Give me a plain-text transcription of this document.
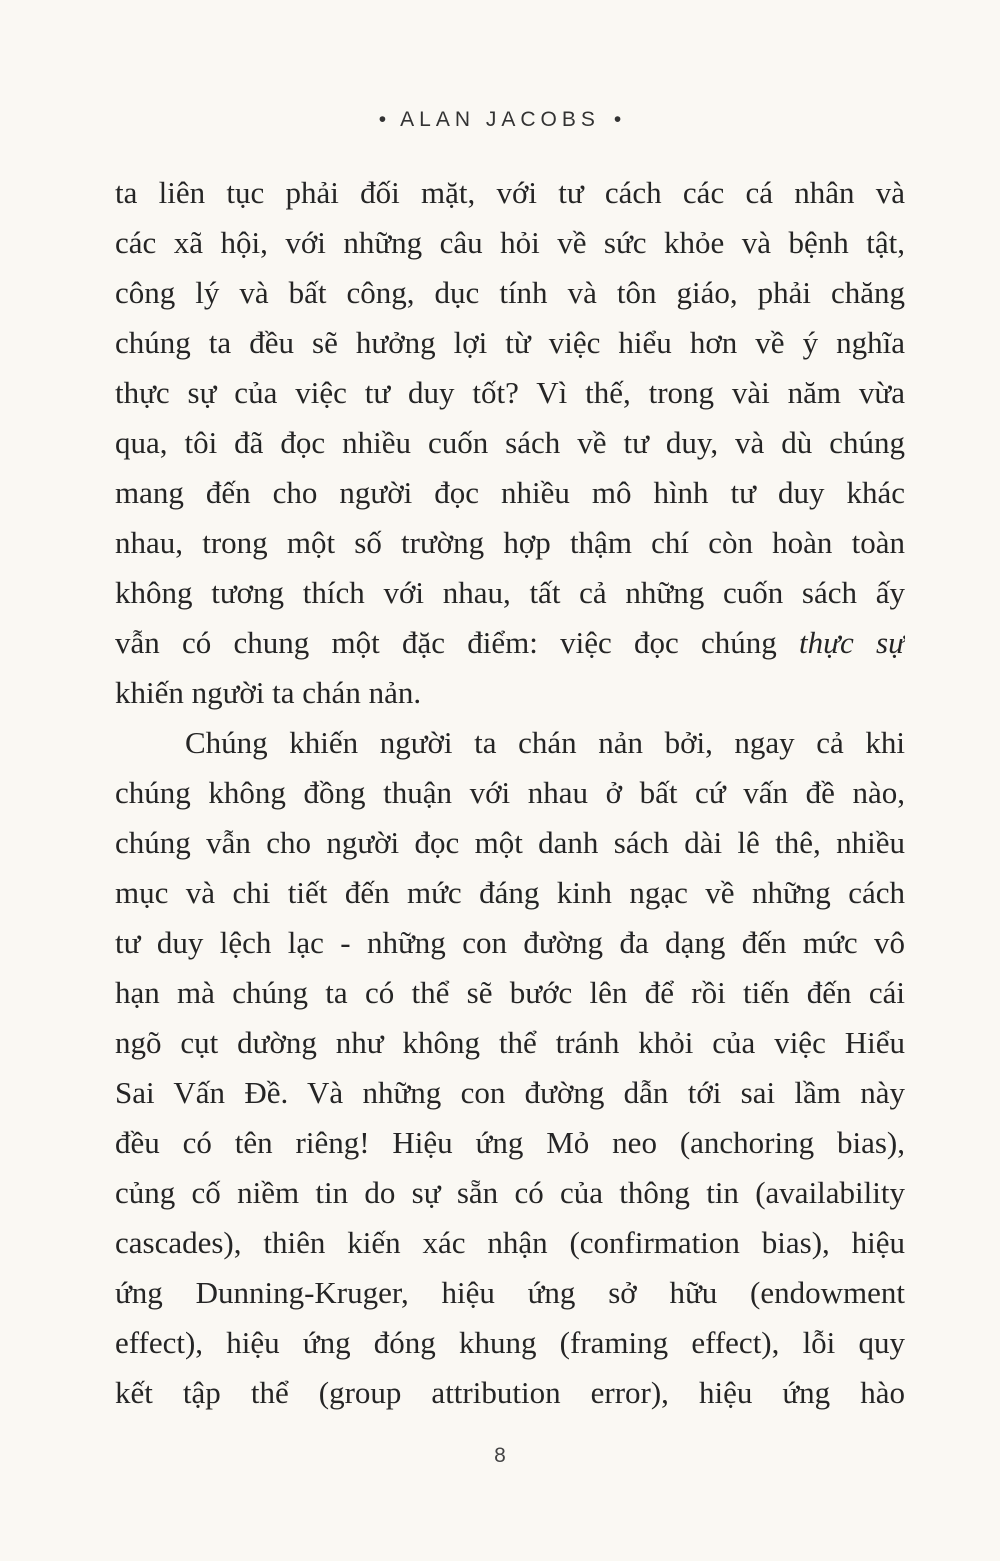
• ALAN JACOBS •
ta liên tục phải đối mặt, với tư cách các cá nhân và
các xã hội, với những câu hỏi về sức khỏe và bệnh tật,
công lý và bất công, dục tính và tôn giáo, phải chăng
chúng ta đều sẽ hưởng lợi từ việc hiểu hơn về ý nghĩa
thực sự của việc tư duy tốt? Vì thế, trong vài năm vừa
qua, tôi đã đọc nhiều cuốn sách về tư duy, và dù chúng
mang đến cho người đọc nhiều mô hình tư duy khác
nhau, trong một số trường hợp thậm chí còn hoàn toàn
không tương thích với nhau, tất cả những cuốn sách ấy
vẫn có chung một đặc điểm: việc đọc chúng thực sự
khiến người ta chán nản.
Chúng khiến người ta chán nản bởi, ngay cả khi
chúng không đồng thuận với nhau ở bất cứ vấn đề nào,
chúng vẫn cho người đọc một danh sách dài lê thê, nhiều
mục và chi tiết đến mức đáng kinh ngạc về những cách
tư duy lệch lạc - những con đường đa dạng đến mức vô
hạn mà chúng ta có thể sẽ bước lên để rồi tiến đến cái
ngõ cụt dường như không thể tránh khỏi của việc Hiểu
Sai Vấn Đề. Và những con đường dẫn tới sai lầm này
đều có tên riêng! Hiệu ứng Mỏ neo (anchoring bias),
củng cố niềm tin do sự sẵn có của thông tin (availability
cascades), thiên kiến xác nhận (confirmation bias), hiệu
ứng Dunning-Kruger, hiệu ứng sở hữu (endowment
effect), hiệu ứng đóng khung (framing effect), lỗi quy
kết tập thể (group attribution error), hiệu ứng hào
8
